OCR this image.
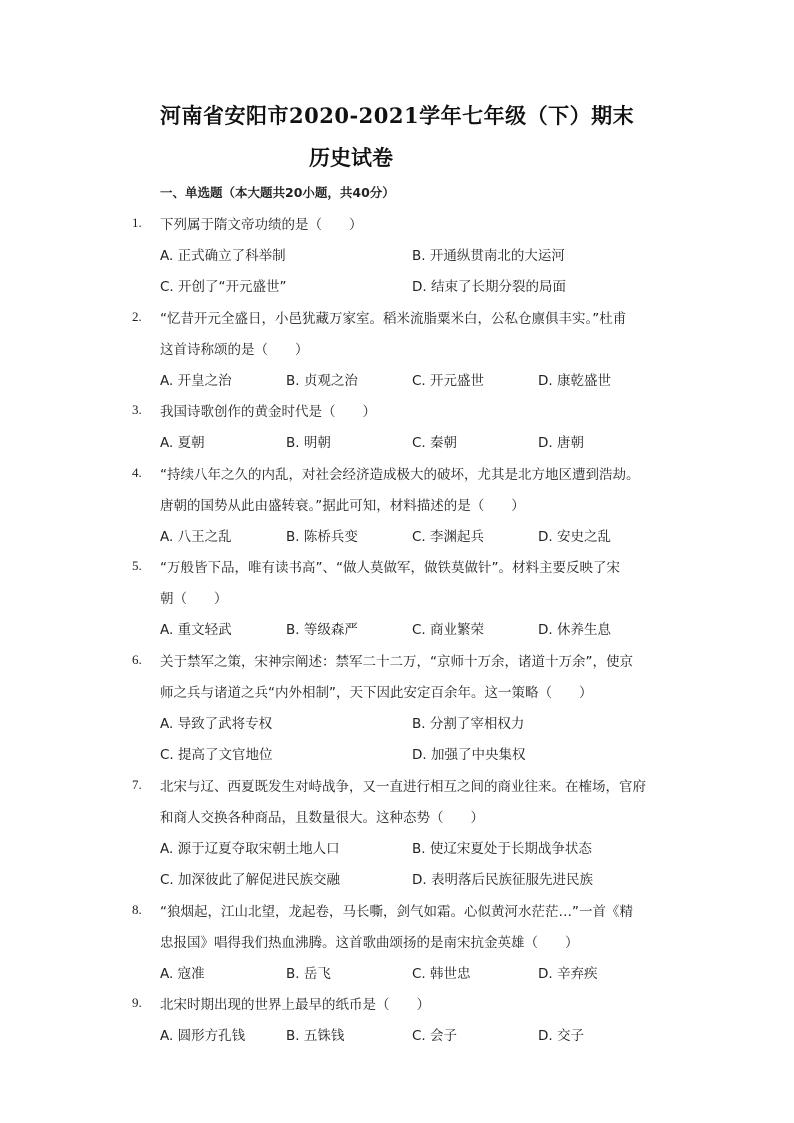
河南省安阳市2020-2021学年七年级（下）期末
历史试卷
一、单选题（本大题共20小题，共40分）
1.	下列属于隋文帝功绩的是（　　）
A. 正式确立了科举制	B. 开通纵贯南北的大运河
C. 开创了“开元盛世”	D. 结束了长期分裂的局面
2.	“忆昔开元全盛日，小邑犹藏万家室。稻米流脂粟米白，公私仓廪俱丰实。”杜甫
这首诗称颂的是（　　）
A. 开皇之治	B. 贞观之治	C. 开元盛世	D. 康乾盛世
3.	我国诗歌创作的黄金时代是（　　）
A. 夏朝	B. 明朝	C. 秦朝	D. 唐朝
4.	“持续八年之久的内乱，对社会经济造成极大的破坏，尤其是北方地区遭到浩劫。
唐朝的国势从此由盛转衰。”据此可知，材料描述的是（　　）
A. 八王之乱	B. 陈桥兵变	C. 李渊起兵	D. 安史之乱
5.	“万般皆下品，唯有读书高”、“做人莫做军，做铁莫做针”。材料主要反映了宋
朝（　　）
A. 重文轻武	B. 等级森严	C. 商业繁荣	D. 休养生息
6.	关于禁军之策，宋神宗阐述：禁军二十二万，“京师十万余，诸道十万余”，使京
师之兵与诸道之兵“内外相制”，天下因此安定百余年。这一策略（　　）
A. 导致了武将专权	B. 分割了宰相权力
C. 提高了文官地位	D. 加强了中央集权
7.	北宋与辽、西夏既发生对峙战争，又一直进行相互之间的商业往来。在榷场，官府
和商人交换各种商品，且数量很大。这种态势（　　）
A. 源于辽夏夺取宋朝土地人口	B. 使辽宋夏处于长期战争状态
C. 加深彼此了解促进民族交融	D. 表明落后民族征服先进民族
8.	“狼烟起，江山北望，龙起卷，马长嘶，剑气如霜。心似黄河水茫茫…”一首《精
忠报国》唱得我们热血沸腾。这首歌曲颂扬的是南宋抗金英雄（　　）
A. 寇准	B. 岳飞	C. 韩世忠	D. 辛弃疾
9.	北宋时期出现的世界上最早的纸币是（　　）
A. 圆形方孔钱	B. 五铢钱	C. 会子	D. 交子
